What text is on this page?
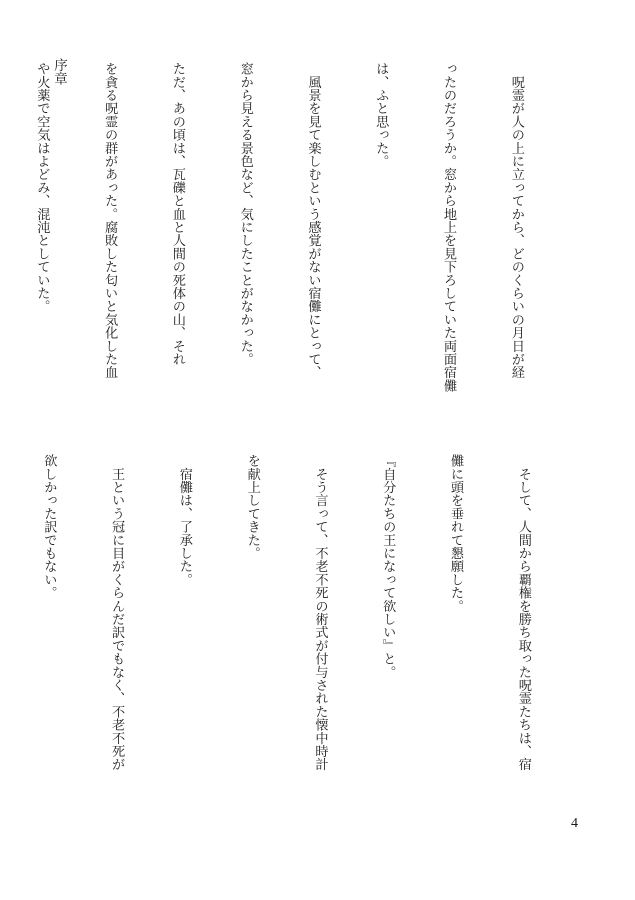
序章

	　呪霊が人の上に立ってから、どのくらいの月日が経

ったのだろうか。窓から地上を見下ろしていた両面宿儺

は、ふと思った。

　風景を見て楽しむという感覚がない宿儺にとって、

窓から見える景色など、気にしたことがなかった。

ただ、あの頃は、瓦礫と血と人間の死体の山、それ

を貪る呪霊の群があった。腐敗した匂いと気化した血

や火薬で空気はよどみ、混沌としていた。

　そして、人間から覇権を勝ち取った呪霊たちは、宿

儺に頭を垂れて懇願した。

『自分たちの王になって欲しい』と。

　そう言って、不老不死の術式が付与された懐中時計

を献上してきた。

　宿儺は、了承した。

　王という冠に目がくらんだ訳でもなく、不老不死が

欲しかった訳でもない。

4
